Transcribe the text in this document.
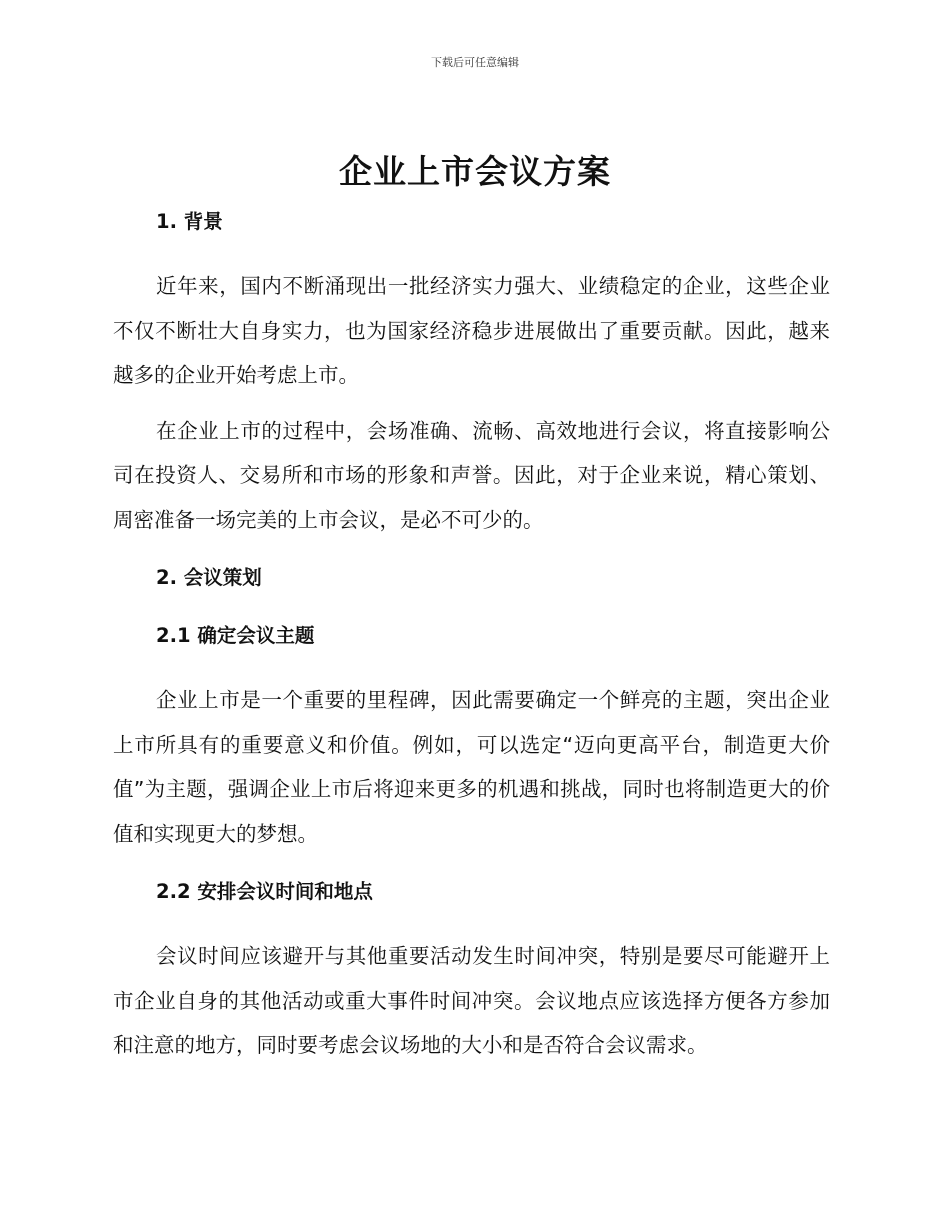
下载后可任意编辑
企业上市会议方案
1. 背景

近年来，国内不断涌现出一批经济实力强大、业绩稳定的企业，这些企业不仅不断壮大自身实力，也为国家经济稳步进展做出了重要贡献。因此，越来越多的企业开始考虑上市。

在企业上市的过程中，会场准确、流畅、高效地进行会议，将直接影响公司在投资人、交易所和市场的形象和声誉。因此，对于企业来说，精心策划、周密准备一场完美的上市会议，是必不可少的。

2. 会议策划
2.1 确定会议主题

企业上市是一个重要的里程碑，因此需要确定一个鲜亮的主题，突出企业上市所具有的重要意义和价值。例如，可以选定“迈向更高平台，制造更大价值”为主题，强调企业上市后将迎来更多的机遇和挑战，同时也将制造更大的价值和实现更大的梦想。

2.2 安排会议时间和地点

会议时间应该避开与其他重要活动发生时间冲突，特别是要尽可能避开上市企业自身的其他活动或重大事件时间冲突。会议地点应该选择方便各方参加和注意的地方，同时要考虑会议场地的大小和是否符合会议需求。
